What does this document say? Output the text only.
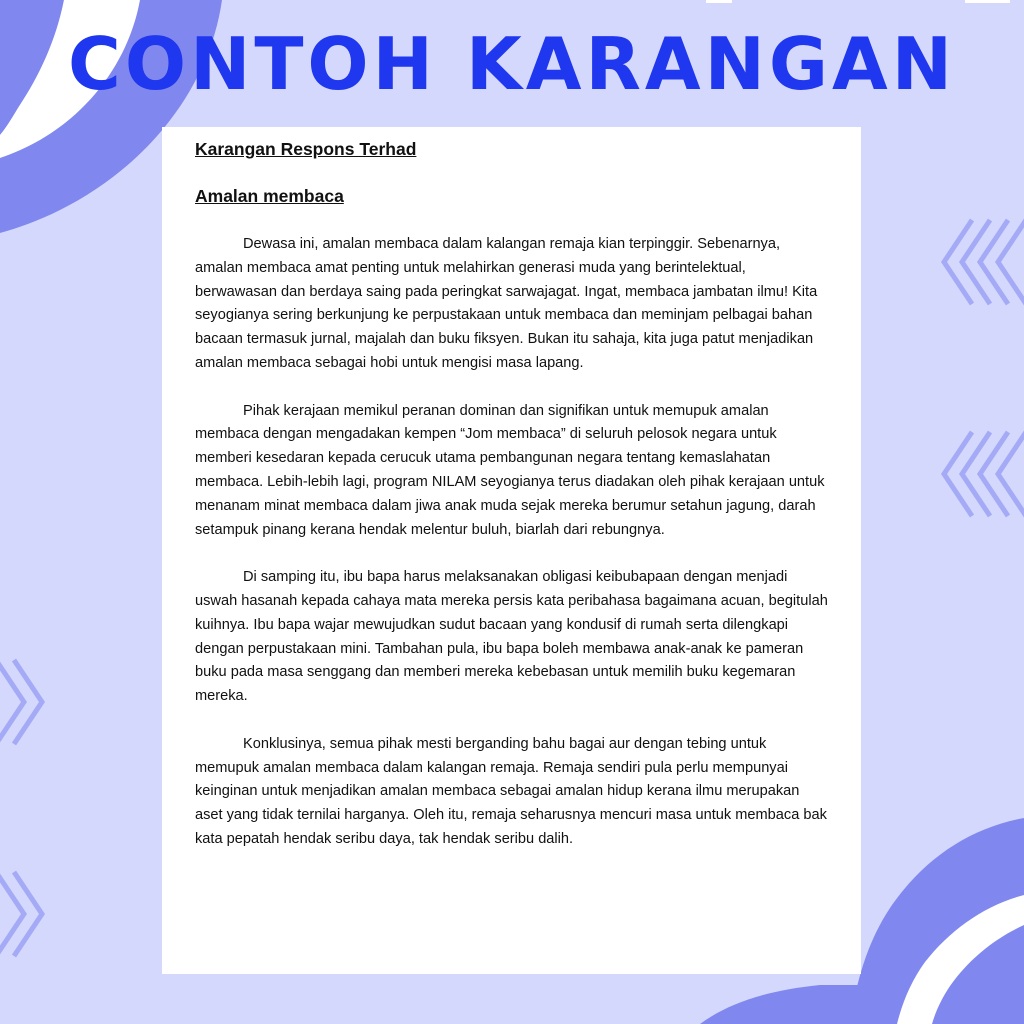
CONTOH KARANGAN

Karangan Respons Terhad

Amalan membaca

Dewasa ini, amalan membaca dalam kalangan remaja kian terpinggir. Sebenarnya, amalan membaca amat penting untuk melahirkan generasi muda yang berintelektual, berwawasan dan berdaya saing pada peringkat sarwajagat. Ingat, membaca jambatan ilmu! Kita seyogianya sering berkunjung ke perpustakaan untuk membaca dan meminjam pelbagai bahan bacaan termasuk jurnal, majalah dan buku fiksyen. Bukan itu sahaja, kita juga patut menjadikan amalan membaca sebagai hobi untuk mengisi masa lapang.

Pihak kerajaan memikul peranan dominan dan signifikan untuk memupuk amalan membaca dengan mengadakan kempen “Jom membaca” di seluruh pelosok negara untuk memberi kesedaran kepada cerucuk utama pembangunan negara tentang kemaslahatan membaca. Lebih-lebih lagi, program NILAM seyogianya terus diadakan oleh pihak kerajaan untuk menanam minat membaca dalam jiwa anak muda sejak mereka berumur setahun jagung, darah setampuk pinang kerana hendak melentur buluh, biarlah dari rebungnya.

Di samping itu, ibu bapa harus melaksanakan obligasi keibubapaan dengan menjadi uswah hasanah kepada cahaya mata mereka persis kata peribahasa bagaimana acuan, begitulah kuihnya. Ibu bapa wajar mewujudkan sudut bacaan yang kondusif di rumah serta dilengkapi dengan perpustakaan mini. Tambahan pula, ibu bapa boleh membawa anak-anak ke pameran buku pada masa senggang dan memberi mereka kebebasan untuk memilih buku kegemaran mereka.

Konklusinya, semua pihak mesti berganding bahu bagai aur dengan tebing untuk memupuk amalan membaca dalam kalangan remaja. Remaja sendiri pula perlu mempunyai keinginan untuk menjadikan amalan membaca sebagai amalan hidup kerana ilmu merupakan aset yang tidak ternilai harganya. Oleh itu, remaja seharusnya mencuri masa untuk membaca bak kata pepatah hendak seribu daya, tak hendak seribu dalih.
